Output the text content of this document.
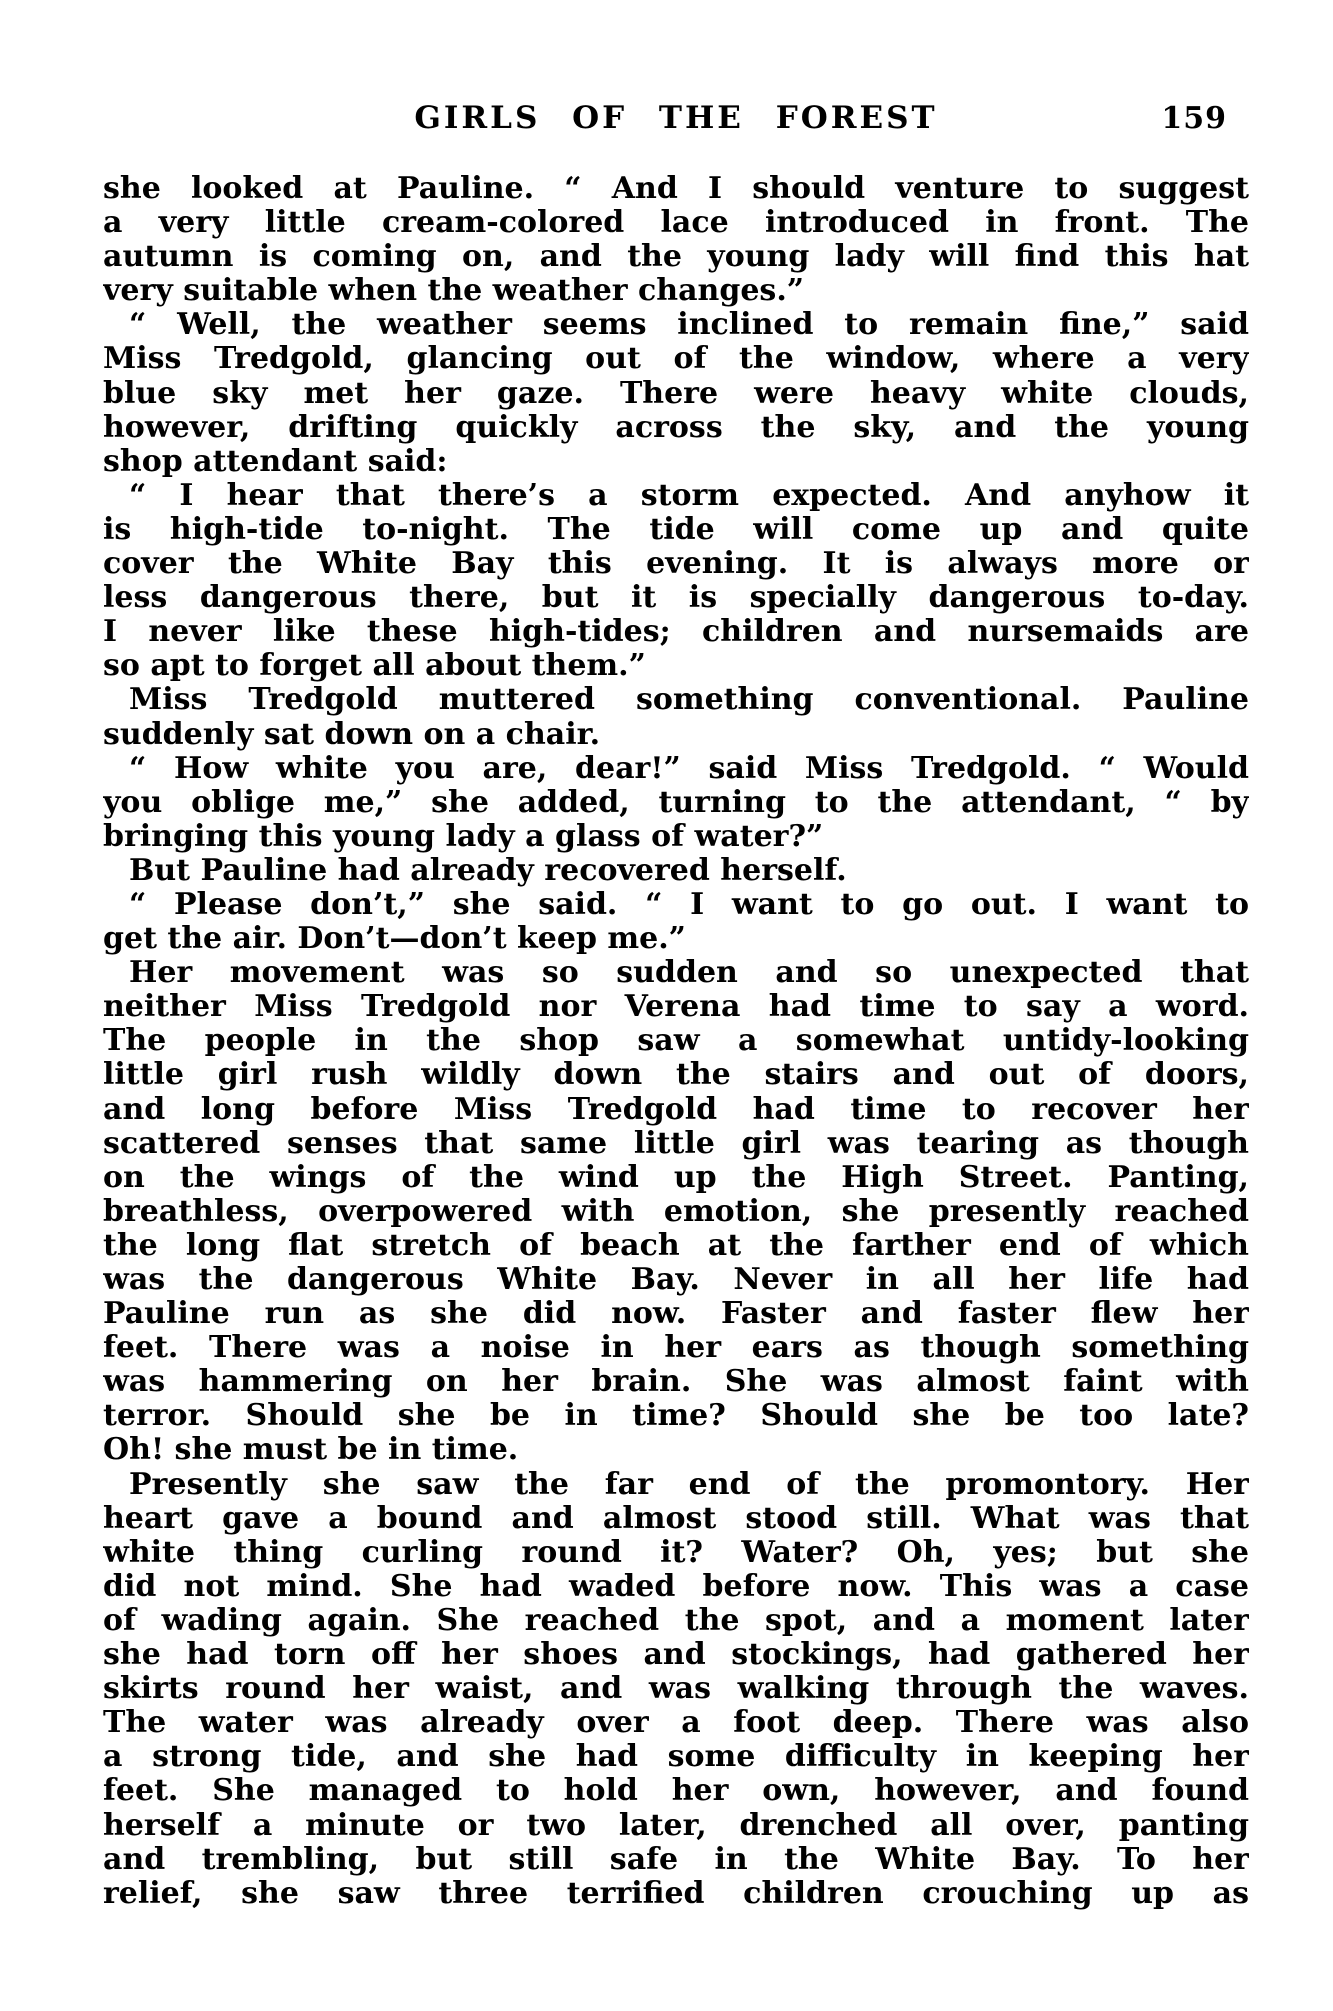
GIRLS OF THE FOREST	159
she looked at Pauline. “ And I should venture to suggest
a very little cream-colored lace introduced in front. The
autumn is coming on, and the young lady will find this hat
very suitable when the weather changes.”
“ Well, the weather seems inclined to remain fine,” said
Miss Tredgold, glancing out of the window, where a very
blue sky met her gaze. There were heavy white clouds,
however, drifting quickly across the sky, and the young
shop attendant said:
“ I hear that there’s a storm expected. And anyhow it
is high-tide to-night. The tide will come up and quite
cover the White Bay this evening. It is always more or
less dangerous there, but it is specially dangerous to-day.
I never like these high-tides; children and nursemaids are
so apt to forget all about them.”
Miss Tredgold muttered something conventional. Pauline
suddenly sat down on a chair.
“ How white you are, dear!” said Miss Tredgold. “ Would
you oblige me,” she added, turning to the attendant, “ by
bringing this young lady a glass of water?”
But Pauline had already recovered herself.
“ Please don’t,” she said. “ I want to go out. I want to
get the air. Don’t—don’t keep me.”
Her movement was so sudden and so unexpected that
neither Miss Tredgold nor Verena had time to say a word.
The people in the shop saw a somewhat untidy-looking
little girl rush wildly down the stairs and out of doors,
and long before Miss Tredgold had time to recover her
scattered senses that same little girl was tearing as though
on the wings of the wind up the High Street. Panting,
breathless, overpowered with emotion, she presently reached
the long flat stretch of beach at the farther end of which
was the dangerous White Bay. Never in all her life had
Pauline run as she did now. Faster and faster flew her
feet. There was a noise in her ears as though something
was hammering on her brain. She was almost faint with
terror. Should she be in time? Should she be too late?
Oh! she must be in time.
Presently she saw the far end of the promontory. Her
heart gave a bound and almost stood still. What was that
white thing curling round it? Water? Oh, yes; but she
did not mind. She had waded before now. This was a case
of wading again. She reached the spot, and a moment later
she had torn off her shoes and stockings, had gathered her
skirts round her waist, and was walking through the waves.
The water was already over a foot deep. There was also
a strong tide, and she had some difficulty in keeping her
feet. She managed to hold her own, however, and found
herself a minute or two later, drenched all over, panting
and trembling, but still safe in the White Bay. To her
relief, she saw three terrified children crouching up as
